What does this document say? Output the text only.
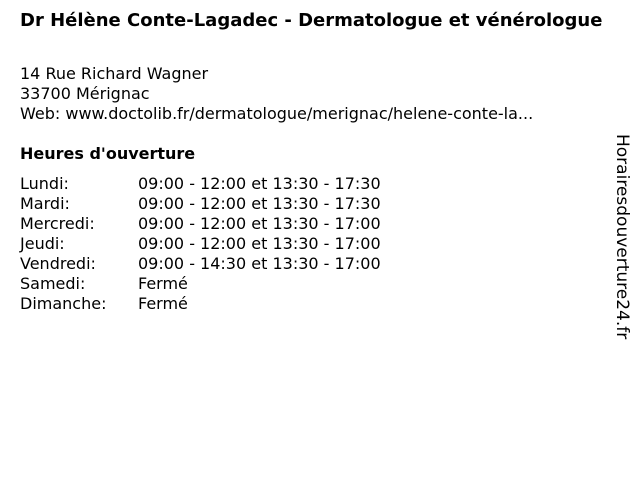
Dr Hélène Conte-Lagadec - Dermatologue et vénérologue
14 Rue Richard Wagner
33700 Mérignac
Web: www.doctolib.fr/dermatologue/merignac/helene-conte-la...
Heures d'ouverture
Lundi:	09:00 - 12:00 et 13:30 - 17:30
Mardi:	09:00 - 12:00 et 13:30 - 17:30
Mercredi:	09:00 - 12:00 et 13:30 - 17:00
Jeudi:	09:00 - 12:00 et 13:30 - 17:00
Vendredi:	09:00 - 14:30 et 13:30 - 17:00
Samedi:	Fermé
Dimanche:	Fermé	Horairesdouverture24.fr
